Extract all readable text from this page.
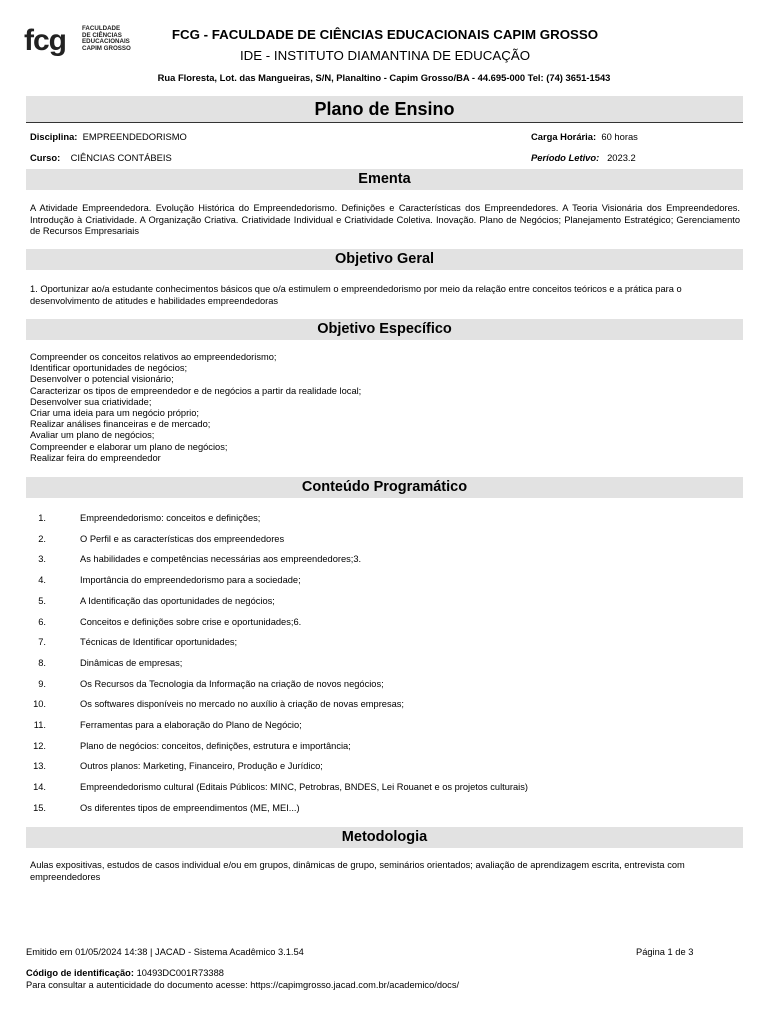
fcg	FACULDADE
DE CIÊNCIAS
EDUCACIONAIS
CAPIM GROSSO
FCG - FACULDADE DE CIÊNCIAS EDUCACIONAIS CAPIM GROSSO
IDE - INSTITUTO DIAMANTINA DE EDUCAÇÃO
Rua Floresta, Lot. das Mangueiras, S/N, Planaltino - Capim Grosso/BA - 44.695-000 Tel: (74) 3651-1543
Plano de Ensino
Disciplina: EMPREENDEDORISMO	Carga Horária: 60 horas
Curso: CIÊNCIAS CONTÁBEIS	Período Letivo: 2023.2
Ementa
A Atividade Empreendedora. Evolução Histórica do Empreendedorismo. Definições e Características dos Empreendedores. A Teoria Visionária dos Empreendedores. Introdução à Criatividade. A Organização Criativa. Criatividade Individual e Criatividade Coletiva. Inovação. Plano de Negócios; Planejamento Estratégico; Gerenciamento de Recursos Empresariais
Objetivo Geral
1. Oportunizar ao/a estudante conhecimentos básicos que o/a estimulem o empreendedorismo por meio da relação entre conceitos teóricos e a prática para o desenvolvimento de atitudes e habilidades empreendedoras
Objetivo Específico
Compreender os conceitos relativos ao empreendedorismo;
Identificar oportunidades de negócios;
Desenvolver o potencial visionário;
Caracterizar os tipos de empreendedor e de negócios a partir da realidade local;
Desenvolver sua criatividade;
Criar uma ideia para um negócio próprio;
Realizar análises financeiras e de mercado;
Avaliar um plano de negócios;
Compreender e elaborar um plano de negócios;
Realizar feira do empreendedor
Conteúdo Programático
1.	Empreendedorismo: conceitos e definições;
2.	O Perfil e as características dos empreendedores
3.	As habilidades e competências necessárias aos empreendedores;3.
4.	Importância do empreendedorismo para a sociedade;
5.	A Identificação das oportunidades de negócios;
6.	Conceitos e definições sobre crise e oportunidades;6.
7.	Técnicas de Identificar oportunidades;
8.	Dinâmicas de empresas;
9.	Os Recursos da Tecnologia da Informação na criação de novos negócios;
10.	Os softwares disponíveis no mercado no auxílio à criação de novas empresas;
11.	Ferramentas para a elaboração do Plano de Negócio;
12.	Plano de negócios: conceitos, definições, estrutura e importância;
13.	Outros planos: Marketing, Financeiro, Produção e Jurídico;
14.	Empreendedorismo cultural (Editais Públicos: MINC, Petrobras, BNDES, Lei Rouanet e os projetos culturais)
15.	Os diferentes tipos de empreendimentos (ME, MEI...)
Metodologia
Aulas expositivas, estudos de casos individual e/ou em grupos, dinâmicas de grupo, seminários orientados; avaliação de aprendizagem escrita, entrevista com empreendedores
Emitido em 01/05/2024 14:38 | JACAD - Sistema Acadêmico 3.1.54	Página 1 de 3
Código de identificação: 10493DC001R73388
Para consultar a autenticidade do documento acesse: https://capimgrosso.jacad.com.br/academico/docs/
